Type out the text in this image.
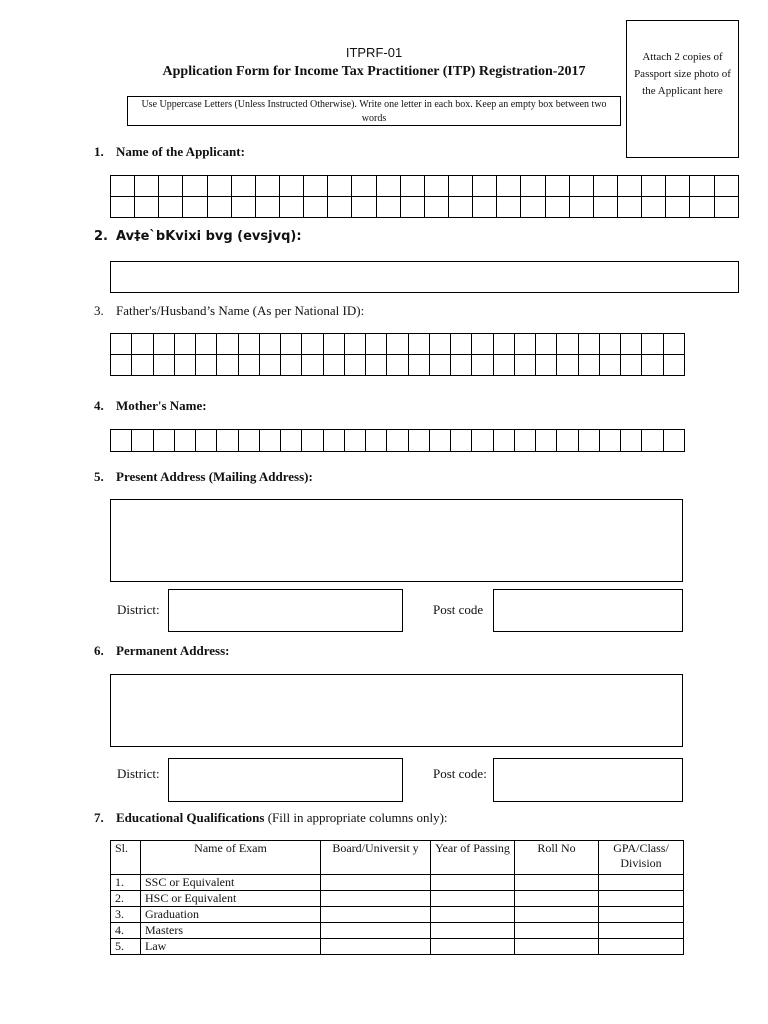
ITPRF-01
Application Form for Income Tax Practitioner (ITP) Registration-2017
Use Uppercase Letters (Unless Instructed Otherwise). Write one letter in each box. Keep an empty box between two words
Attach 2 copies of Passport size photo of the Applicant here
1. Name of the Applicant:

2. Av‡e`bKvixi bvg (evsjvq):
3. Father's/Husband’s Name (As per National ID):

4. Mother's Name:

5. Present Address (Mailing Address):
District:	Post code
6. Permanent Address:
District:	Post code:
7. Educational Qualifications (Fill in appropriate columns only):
Sl.	Name of Exam	Board/Universit y	Year of Passing	Roll No	GPA/Class/ Division
1.	SSC or Equivalent				
2.	HSC or Equivalent				
3.	Graduation				
4.	Masters				
5.	Law				
